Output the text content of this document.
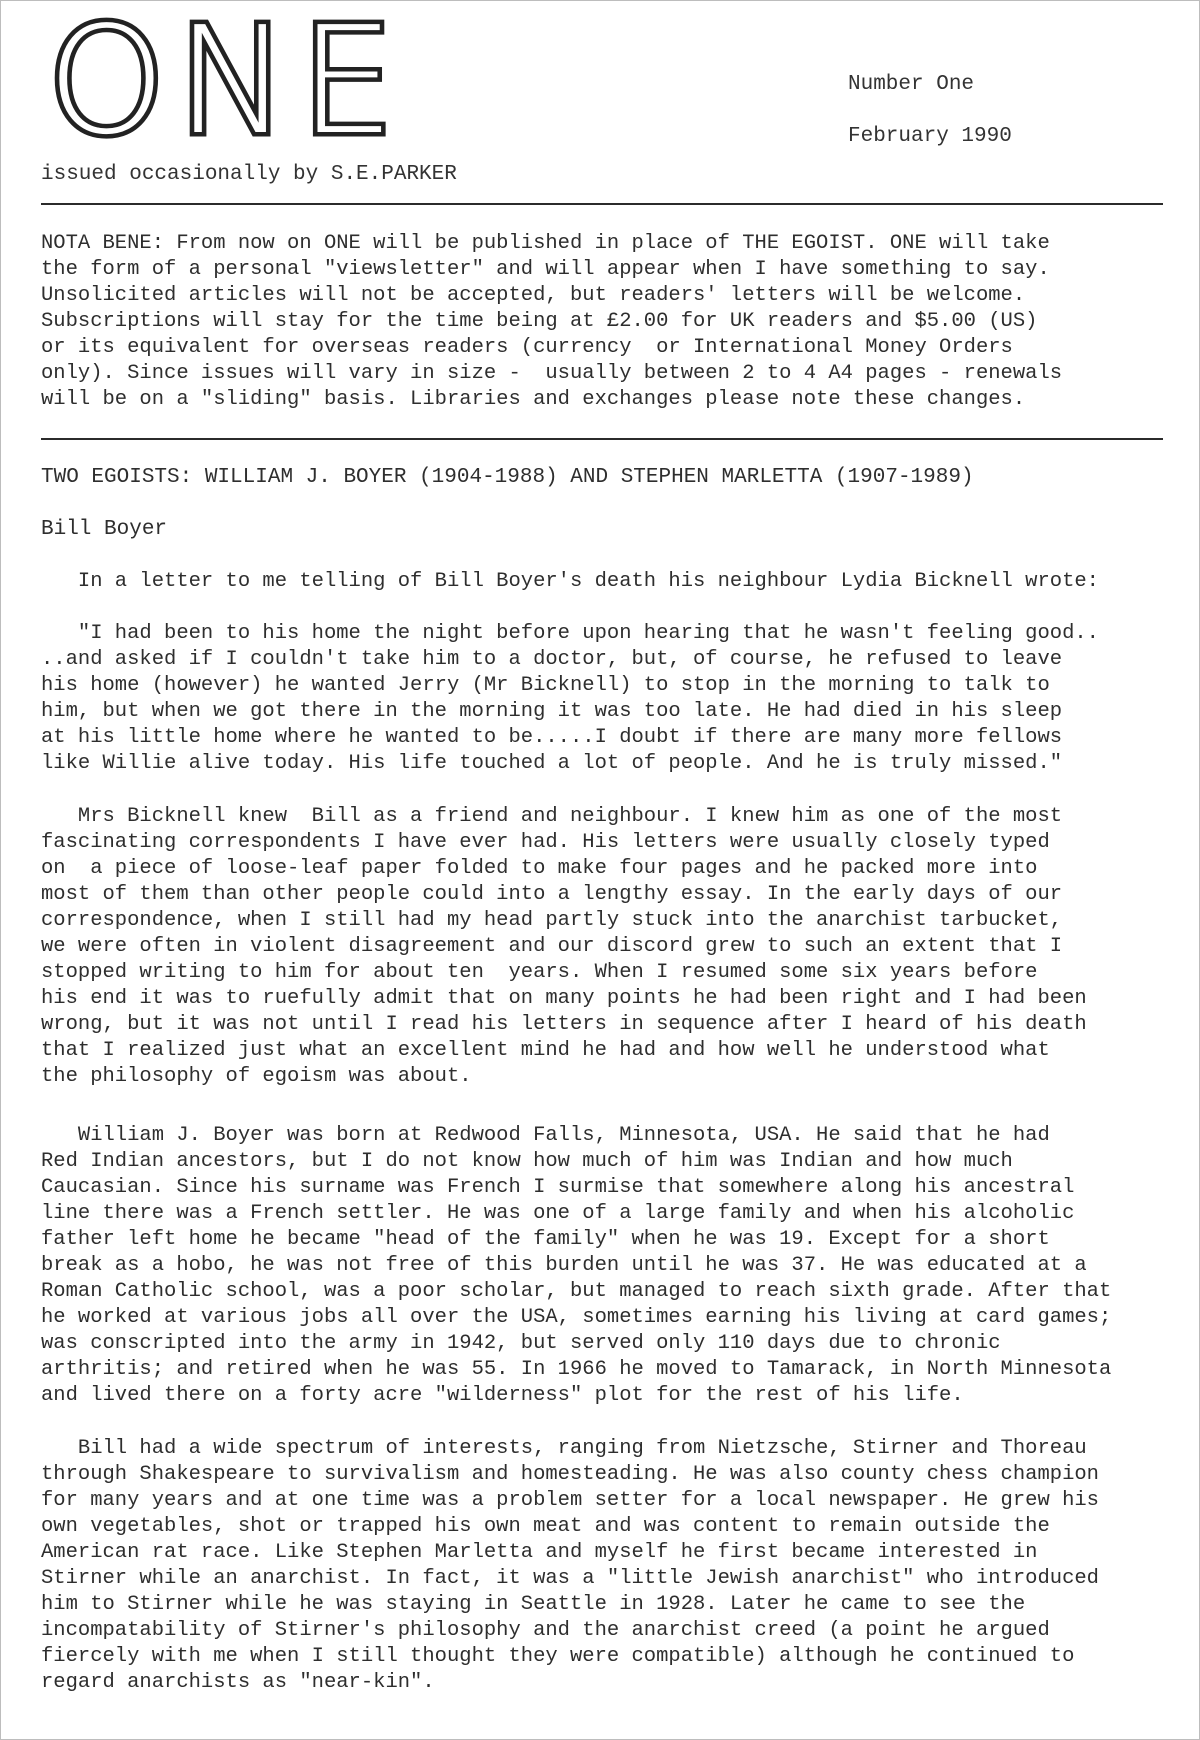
ONE	Number One
February 1990
issued occasionally by S.E.PARKER
NOTA BENE: From now on ONE will be published in place of THE EGOIST. ONE will take
the form of a personal "viewsletter" and will appear when I have something to say.
Unsolicited articles will not be accepted, but readers' letters will be welcome.
Subscriptions will stay for the time being at £2.00 for UK readers and $5.00 (US)
or its equivalent for overseas readers (currency  or International Money Orders
only). Since issues will vary in size -  usually between 2 to 4 A4 pages - renewals
will be on a "sliding" basis. Libraries and exchanges please note these changes.
TWO EGOISTS: WILLIAM J. BOYER (1904-1988) AND STEPHEN MARLETTA (1907-1989)
Bill Boyer
In a letter to me telling of Bill Boyer's death his neighbour Lydia Bicknell wrote:
"I had been to his home the night before upon hearing that he wasn't feeling good..
..and asked if I couldn't take him to a doctor, but, of course, he refused to leave
his home (however) he wanted Jerry (Mr Bicknell) to stop in the morning to talk to
him, but when we got there in the morning it was too late. He had died in his sleep
at his little home where he wanted to be.....I doubt if there are many more fellows
like Willie alive today. His life touched a lot of people. And he is truly missed."
Mrs Bicknell knew  Bill as a friend and neighbour. I knew him as one of the most
fascinating correspondents I have ever had. His letters were usually closely typed
on  a piece of loose-leaf paper folded to make four pages and he packed more into
most of them than other people could into a lengthy essay. In the early days of our
correspondence, when I still had my head partly stuck into the anarchist tarbucket,
we were often in violent disagreement and our discord grew to such an extent that I
stopped writing to him for about ten  years. When I resumed some six years before
his end it was to ruefully admit that on many points he had been right and I had been
wrong, but it was not until I read his letters in sequence after I heard of his death
that I realized just what an excellent mind he had and how well he understood what
the philosophy of egoism was about.
William J. Boyer was born at Redwood Falls, Minnesota, USA. He said that he had
Red Indian ancestors, but I do not know how much of him was Indian and how much
Caucasian. Since his surname was French I surmise that somewhere along his ancestral
line there was a French settler. He was one of a large family and when his alcoholic
father left home he became "head of the family" when he was 19. Except for a short
break as a hobo, he was not free of this burden until he was 37. He was educated at a
Roman Catholic school, was a poor scholar, but managed to reach sixth grade. After that
he worked at various jobs all over the USA, sometimes earning his living at card games;
was conscripted into the army in 1942, but served only 110 days due to chronic
arthritis; and retired when he was 55. In 1966 he moved to Tamarack, in North Minnesota
and lived there on a forty acre "wilderness" plot for the rest of his life.
Bill had a wide spectrum of interests, ranging from Nietzsche, Stirner and Thoreau
through Shakespeare to survivalism and homesteading. He was also county chess champion
for many years and at one time was a problem setter for a local newspaper. He grew his
own vegetables, shot or trapped his own meat and was content to remain outside the
American rat race. Like Stephen Marletta and myself he first became interested in
Stirner while an anarchist. In fact, it was a "little Jewish anarchist" who introduced
him to Stirner while he was staying in Seattle in 1928. Later he came to see the
incompatability of Stirner's philosophy and the anarchist creed (a point he argued
fiercely with me when I still thought they were compatible) although he continued to
regard anarchists as "near-kin".
